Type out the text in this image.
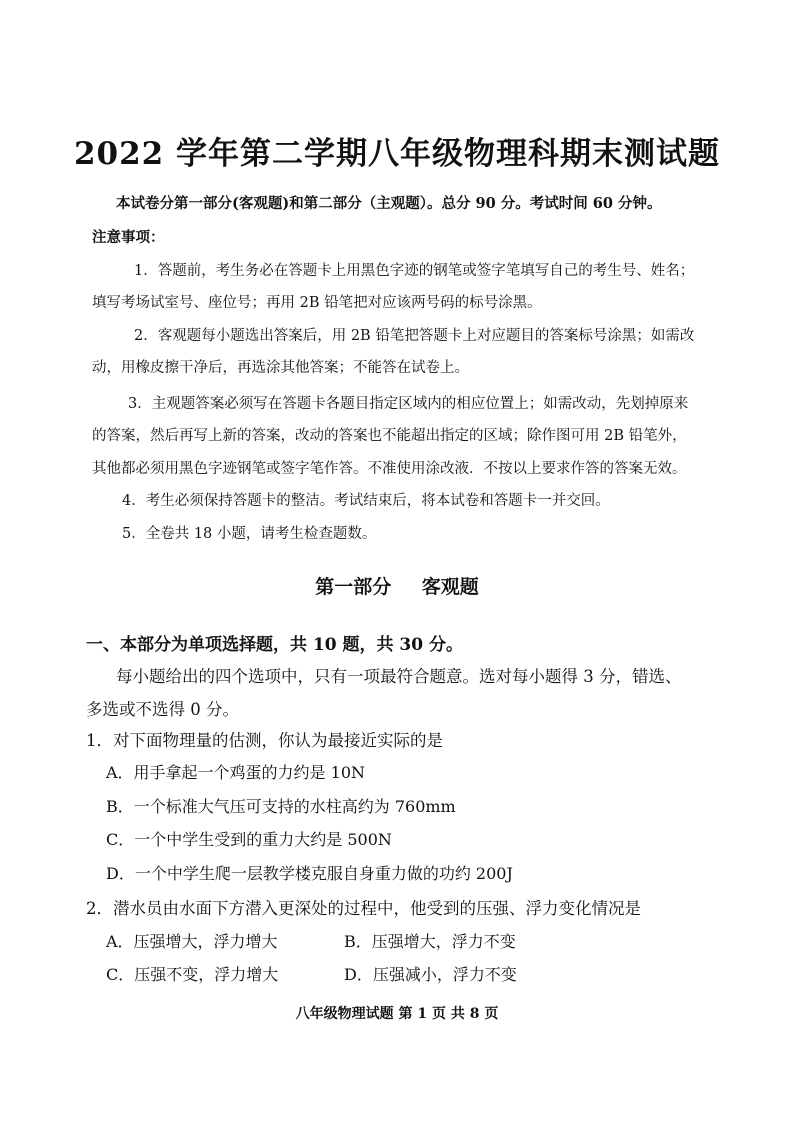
2022 学年第二学期八年级物理科期末测试题
本试卷分第一部分(客观题)和第二部分（主观题）。总分 90 分。考试时间 60 分钟。
注意事项：
1．答题前，考生务必在答题卡上用黑色字迹的钢笔或签字笔填写自己的考生号、姓名；
填写考场试室号、座位号；再用 2B 铅笔把对应该两号码的标号涂黑。
2．客观题每小题选出答案后，用 2B 铅笔把答题卡上对应题目的答案标号涂黑；如需改
动，用橡皮擦干净后，再选涂其他答案；不能答在试卷上。
3．主观题答案必须写在答题卡各题目指定区域内的相应位置上；如需改动，先划掉原来
的答案，然后再写上新的答案，改动的答案也不能超出指定的区域；除作图可用 2B 铅笔外，
其他都必须用黑色字迹钢笔或签字笔作答。不准使用涂改液．不按以上要求作答的答案无效。
4．考生必须保持答题卡的整洁。考试结束后，将本试卷和答题卡一并交回。
5．全卷共 18 小题，请考生检查题数。
第一部分 客观题
一、本部分为单项选择题，共 10 题，共 30 分。
每小题给出的四个选项中，只有一项最符合题意。选对每小题得 3 分，错选、
多选或不选得 0 分。
1．对下面物理量的估测，你认为最接近实际的是
A．用手拿起一个鸡蛋的力约是 10N
B．一个标准大气压可支持的水柱高约为 760mm
C．一个中学生受到的重力大约是 500N
D．一个中学生爬一层教学楼克服自身重力做的功约 200J
2．潜水员由水面下方潜入更深处的过程中，他受到的压强、浮力变化情况是
A．压强增大，浮力增大	B．压强增大，浮力不变
C．压强不变，浮力增大	D．压强减小，浮力不变
八年级物理试题 第 1 页 共 8 页
